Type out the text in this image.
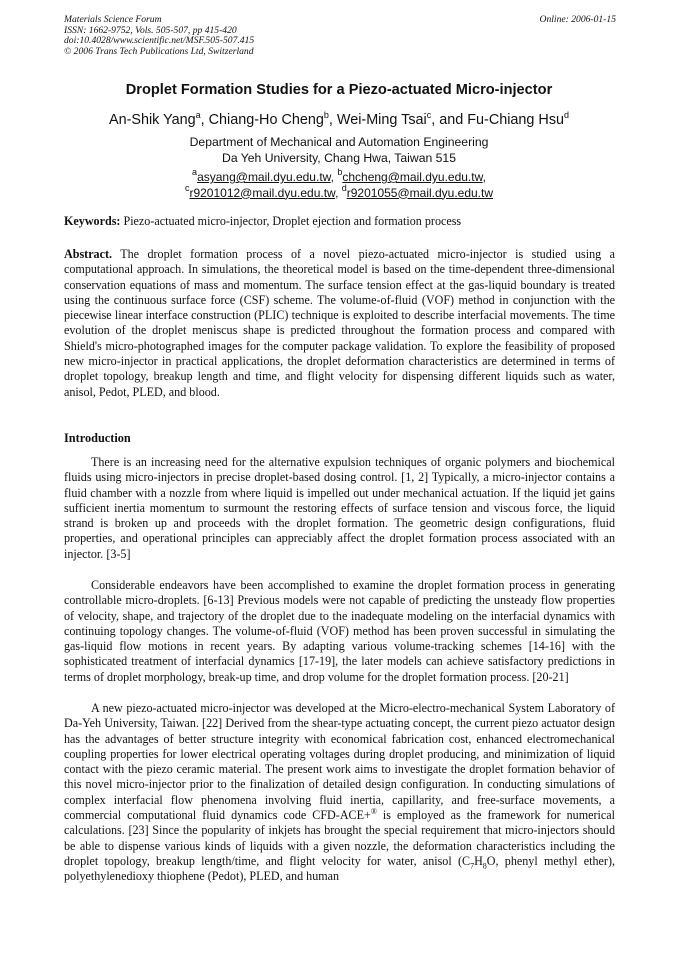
Materials Science Forum
ISSN: 1662-9752, Vols. 505-507, pp 415-420
doi:10.4028/www.scientific.net/MSF.505-507.415
© 2006 Trans Tech Publications Ltd, Switzerland
Online: 2006-01-15
Droplet Formation Studies for a Piezo-actuated Micro-injector
An-Shik Yang$^a$, Chiang-Ho Cheng$^b$, Wei-Ming Tsai$^c$, and Fu-Chiang Hsu$^d$
Department of Mechanical and Automation Engineering
Da Yeh University, Chang Hwa, Taiwan 515
$^a$asyang@mail.dyu.edu.tw, $^b$chcheng@mail.dyu.edu.tw,
$^c$r9201012@mail.dyu.edu.tw, $^d$r9201055@mail.dyu.edu.tw
Keywords: Piezo-actuated micro-injector, Droplet ejection and formation process
Abstract. The droplet formation process of a novel piezo-actuated micro-injector is studied using a computational approach. In simulations, the theoretical model is based on the time-dependent three-dimensional conservation equations of mass and momentum. The surface tension effect at the gas-liquid boundary is treated using the continuous surface force (CSF) scheme. The volume-of-fluid (VOF) method in conjunction with the piecewise linear interface construction (PLIC) technique is exploited to describe interfacial movements. The time evolution of the droplet meniscus shape is predicted throughout the formation process and compared with Shield's micro-photographed images for the computer package validation. To explore the feasibility of proposed new micro-injector in practical applications, the droplet deformation characteristics are determined in terms of droplet topology, breakup length and time, and flight velocity for dispensing different liquids such as water, anisol, Pedot, PLED, and blood.
Introduction
There is an increasing need for the alternative expulsion techniques of organic polymers and biochemical fluids using micro-injectors in precise droplet-based dosing control. [1, 2] Typically, a micro-injector contains a fluid chamber with a nozzle from where liquid is impelled out under mechanical actuation. If the liquid jet gains sufficient inertia momentum to surmount the restoring effects of surface tension and viscous force, the liquid strand is broken up and proceeds with the droplet formation. The geometric design configurations, fluid properties, and operational principles can appreciably affect the droplet formation process associated with an injector. [3-5]
Considerable endeavors have been accomplished to examine the droplet formation process in generating controllable micro-droplets. [6-13] Previous models were not capable of predicting the unsteady flow properties of velocity, shape, and trajectory of the droplet due to the inadequate modeling on the interfacial dynamics with continuing topology changes. The volume-of-fluid (VOF) method has been proven successful in simulating the gas-liquid flow motions in recent years. By adapting various volume-tracking schemes [14-16] with the sophisticated treatment of interfacial dynamics [17-19], the later models can achieve satisfactory predictions in terms of droplet morphology, break-up time, and drop volume for the droplet formation process. [20-21]
A new piezo-actuated micro-injector was developed at the Micro-electro-mechanical System Laboratory of Da-Yeh University, Taiwan. [22] Derived from the shear-type actuating concept, the current piezo actuator design has the advantages of better structure integrity with economical fabrication cost, enhanced electromechanical coupling properties for lower electrical operating voltages during droplet producing, and minimization of liquid contact with the piezo ceramic material. The present work aims to investigate the droplet formation behavior of this novel micro-injector prior to the finalization of detailed design configuration. In conducting simulations of complex interfacial flow phenomena involving fluid inertia, capillarity, and free-surface movements, a commercial computational fluid dynamics code CFD-ACE+® is employed as the framework for numerical calculations. [23] Since the popularity of inkjets has brought the special requirement that micro-injectors should be able to dispense various kinds of liquids with a given nozzle, the deformation characteristics including the droplet topology, breakup length/time, and flight velocity for water, anisol ($C_7H_8O$, phenyl methyl ether), polyethylenedioxy thiophene (Pedot), PLED, and human
